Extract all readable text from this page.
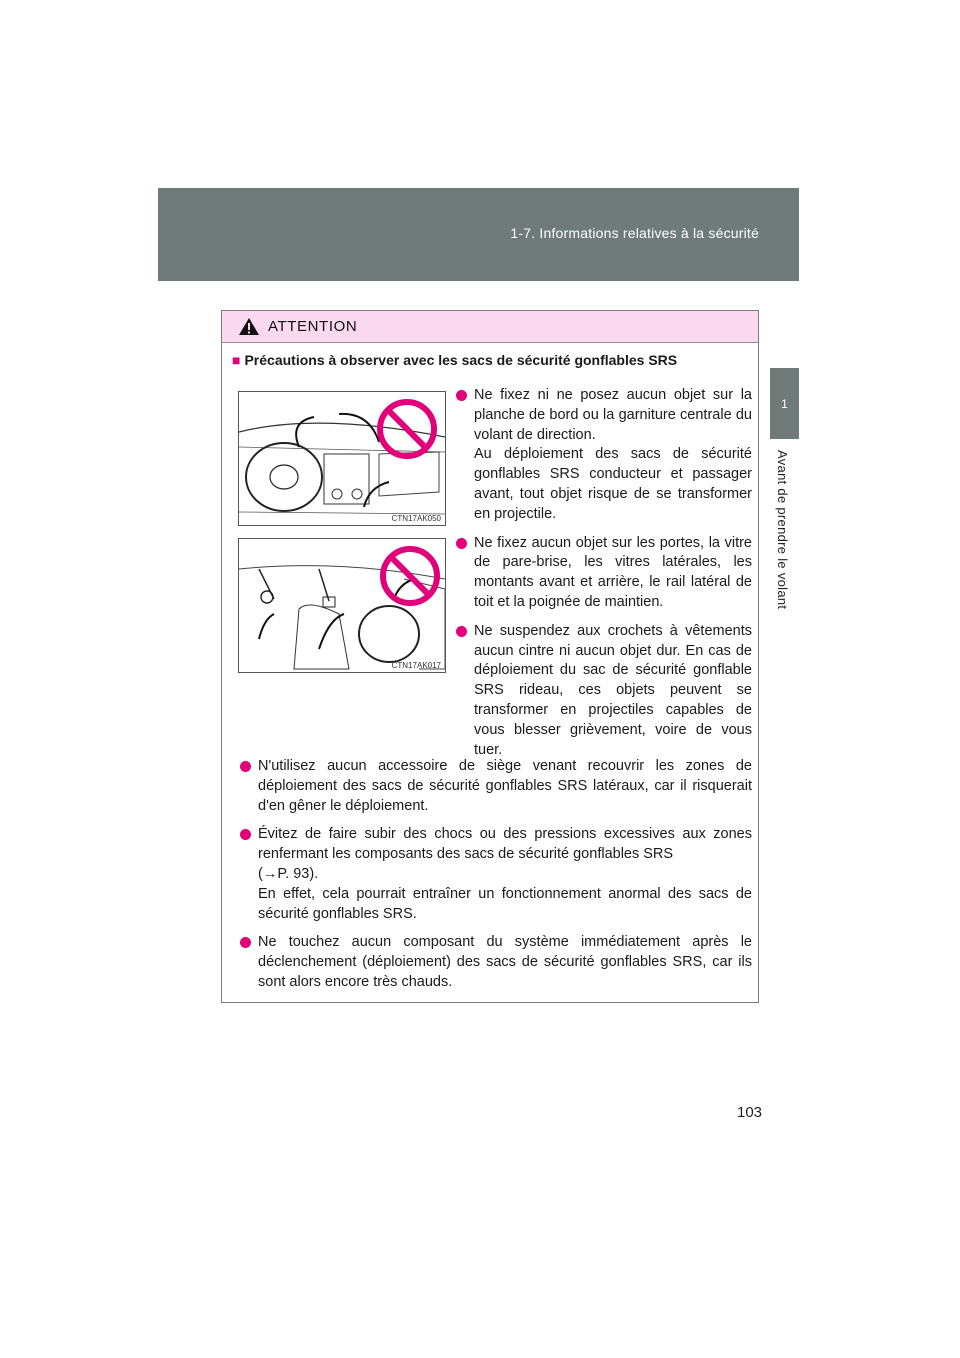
1-7. Informations relatives à la sécurité
1
Avant de prendre le volant
ATTENTION
■ Précautions à observer avec les sacs de sécurité gonflables SRS
CTN17AK050
CTN17AK017
Ne fixez ni ne posez aucun objet sur la planche de bord ou la garniture centrale du volant de direction.
Au déploiement des sacs de sécurité gonflables SRS conducteur et passager avant, tout objet risque de se transformer en projectile.
Ne fixez aucun objet sur les portes, la vitre de pare-brise, les vitres latérales, les montants avant et arrière, le rail latéral de toit et la poignée de maintien.
Ne suspendez aux crochets à vêtements aucun cintre ni aucun objet dur. En cas de déploiement du sac de sécurité gonflable SRS rideau, ces objets peuvent se transformer en projectiles capables de vous blesser grièvement, voire de vous tuer.
N'utilisez aucun accessoire de siège venant recouvrir les zones de déploiement des sacs de sécurité gonflables SRS latéraux, car il risquerait d'en gêner le déploiement.
Évitez de faire subir des chocs ou des pressions excessives aux zones renfermant les composants des sacs de sécurité gonflables SRS
(→P. 93).
En effet, cela pourrait entraîner un fonctionnement anormal des sacs de sécurité gonflables SRS.
Ne touchez aucun composant du système immédiatement après le déclenchement (déploiement) des sacs de sécurité gonflables SRS, car ils sont alors encore très chauds.
103
